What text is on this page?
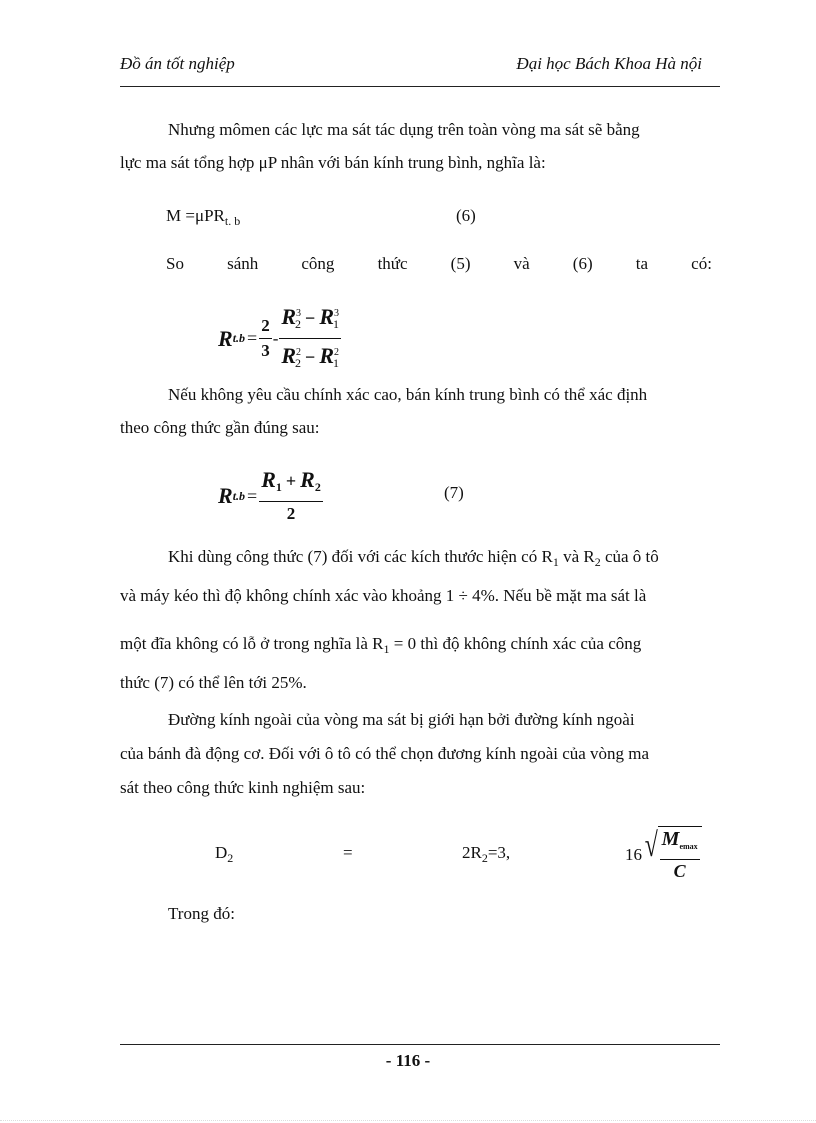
Đồ án tốt nghiệp	Đại học Bách Khoa Hà nội
Nhưng mômen các lực ma sát tác dụng trên toàn vòng ma sát sẽ bằng
lực ma sát tổng hợp μP nhân với bán kính trung bình, nghĩa là:
M =μPR$_{t. b}$	(6)
So	sánh	công	thức	(5)	và	(6)	ta	có:
R $t.b = \frac{2}{3} - \frac{R^3_2 - R^3_1}{R^2_2 - R^2_1}$
Nếu không yêu cầu chính xác cao, bán kính trung bình có thể xác định
theo công thức gần đúng sau:
R $t.b = \frac{R_1 + R_2}{2}$	(7)
Khi dùng công thức (7) đối với các kích thước hiện có $R_1$ và $R_2$ của ô tô
và máy kéo thì độ không chính xác vào khoảng 1 ÷ 4%. Nếu bề mặt ma sát là
một đĩa không có lỗ ở trong nghĩa là $R_1 = 0$ thì độ không chính xác của công
thức (7) có thể lên tới 25%.
Đường kính ngoài của vòng ma sát bị giới hạn bởi đường kính ngoài
của bánh đà động cơ. Đối với ô tô có thể chọn đương kính ngoài của vòng ma
sát theo công thức kinh nghiệm sau:
$D_2$	=	$2R_2=3$,	16 √ $\frac{M_{emax}}{C}$
Trong đó:
- 116 -
